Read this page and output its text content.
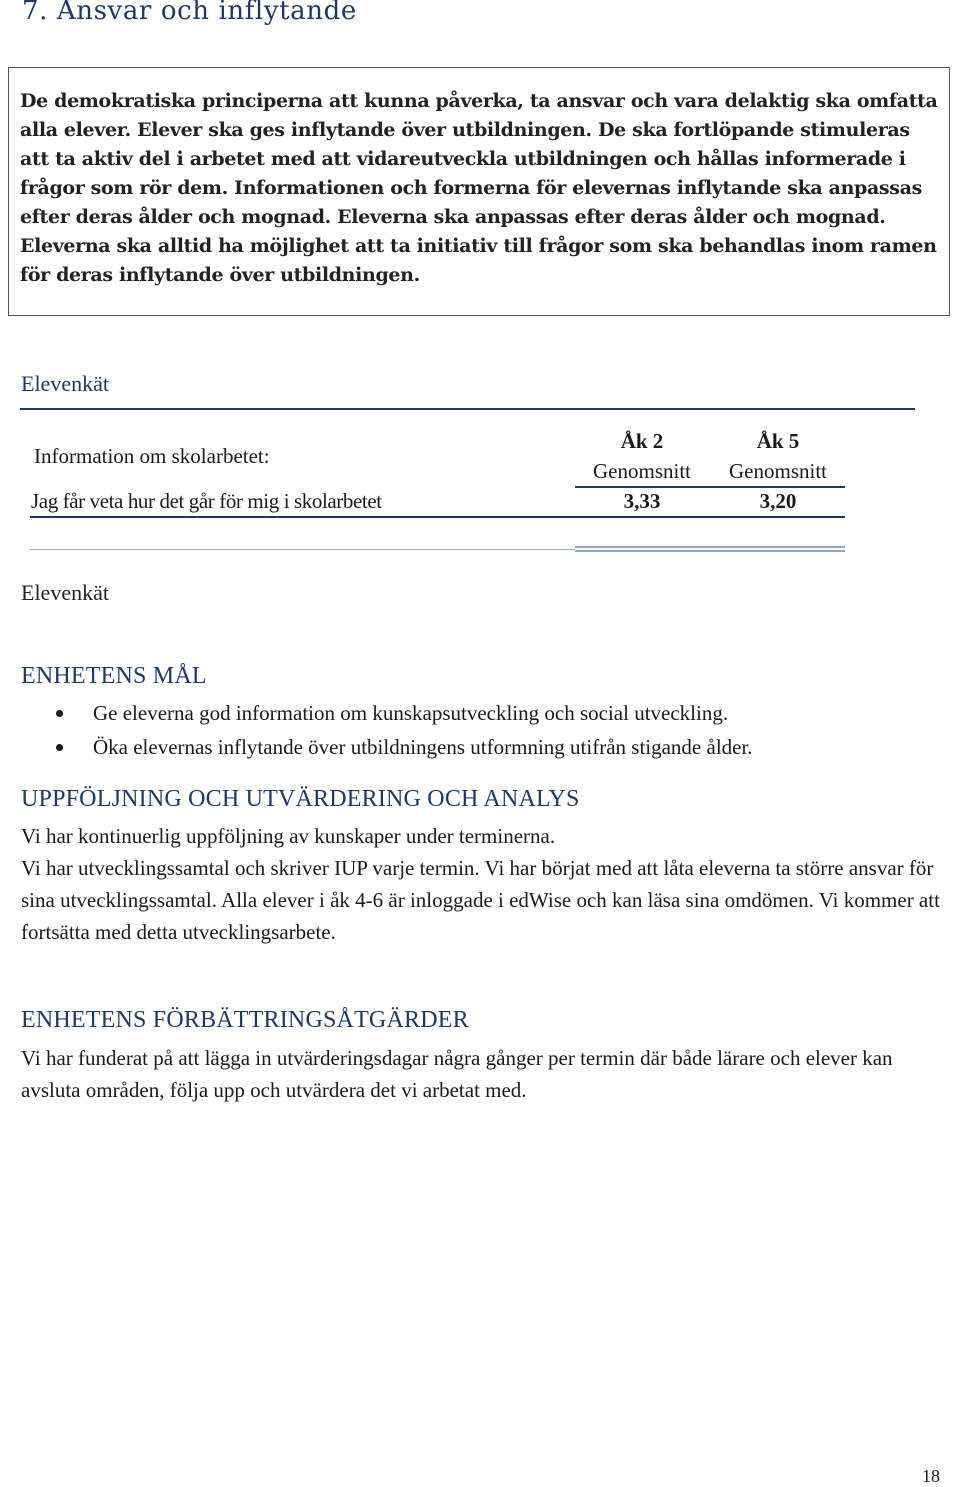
7. Ansvar och inflytande

De demokratiska principerna att kunna påverka, ta ansvar och vara delaktig ska omfatta alla elever. Elever ska ges inflytande över utbildningen. De ska fortlöpande stimuleras att ta aktiv del i arbetet med att vidareutveckla utbildningen och hållas informerade i frågor som rör dem. Informationen och formerna för elevernas inflytande ska anpassas efter deras ålder och mognad. Eleverna ska anpassas efter deras ålder och mognad. Eleverna ska alltid ha möjlighet att ta initiativ till frågor som ska behandlas inom ramen för deras inflytande över utbildningen.

Elevenkät
Information om skolarbetet:
Åk 2	Åk 5
Genomsnitt	Genomsnitt
Jag får veta hur det går för mig i skolarbetet	3,33	3,20
Elevenkät
ENHETENS MÅL
Ge eleverna god information om kunskapsutveckling och social utveckling.
Öka elevernas inflytande över utbildningens utformning utifrån stigande ålder.
UPPFÖLJNING OCH UTVÄRDERING OCH ANALYS

Vi har kontinuerlig uppföljning av kunskaper under terminerna.

Vi har utvecklingssamtal och skriver IUP varje termin. Vi har börjat med att låta eleverna ta större ansvar för sina utvecklingssamtal. Alla elever i åk 4-6 är inloggade i edWise och kan läsa sina omdömen. Vi kommer att fortsätta med detta utvecklingsarbete.

ENHETENS FÖRBÄTTRINGSÅTGÄRDER

Vi har funderat på att lägga in utvärderingsdagar några gånger per termin där både lärare och elever kan avsluta områden, följa upp och utvärdera det vi arbetat med.

18
